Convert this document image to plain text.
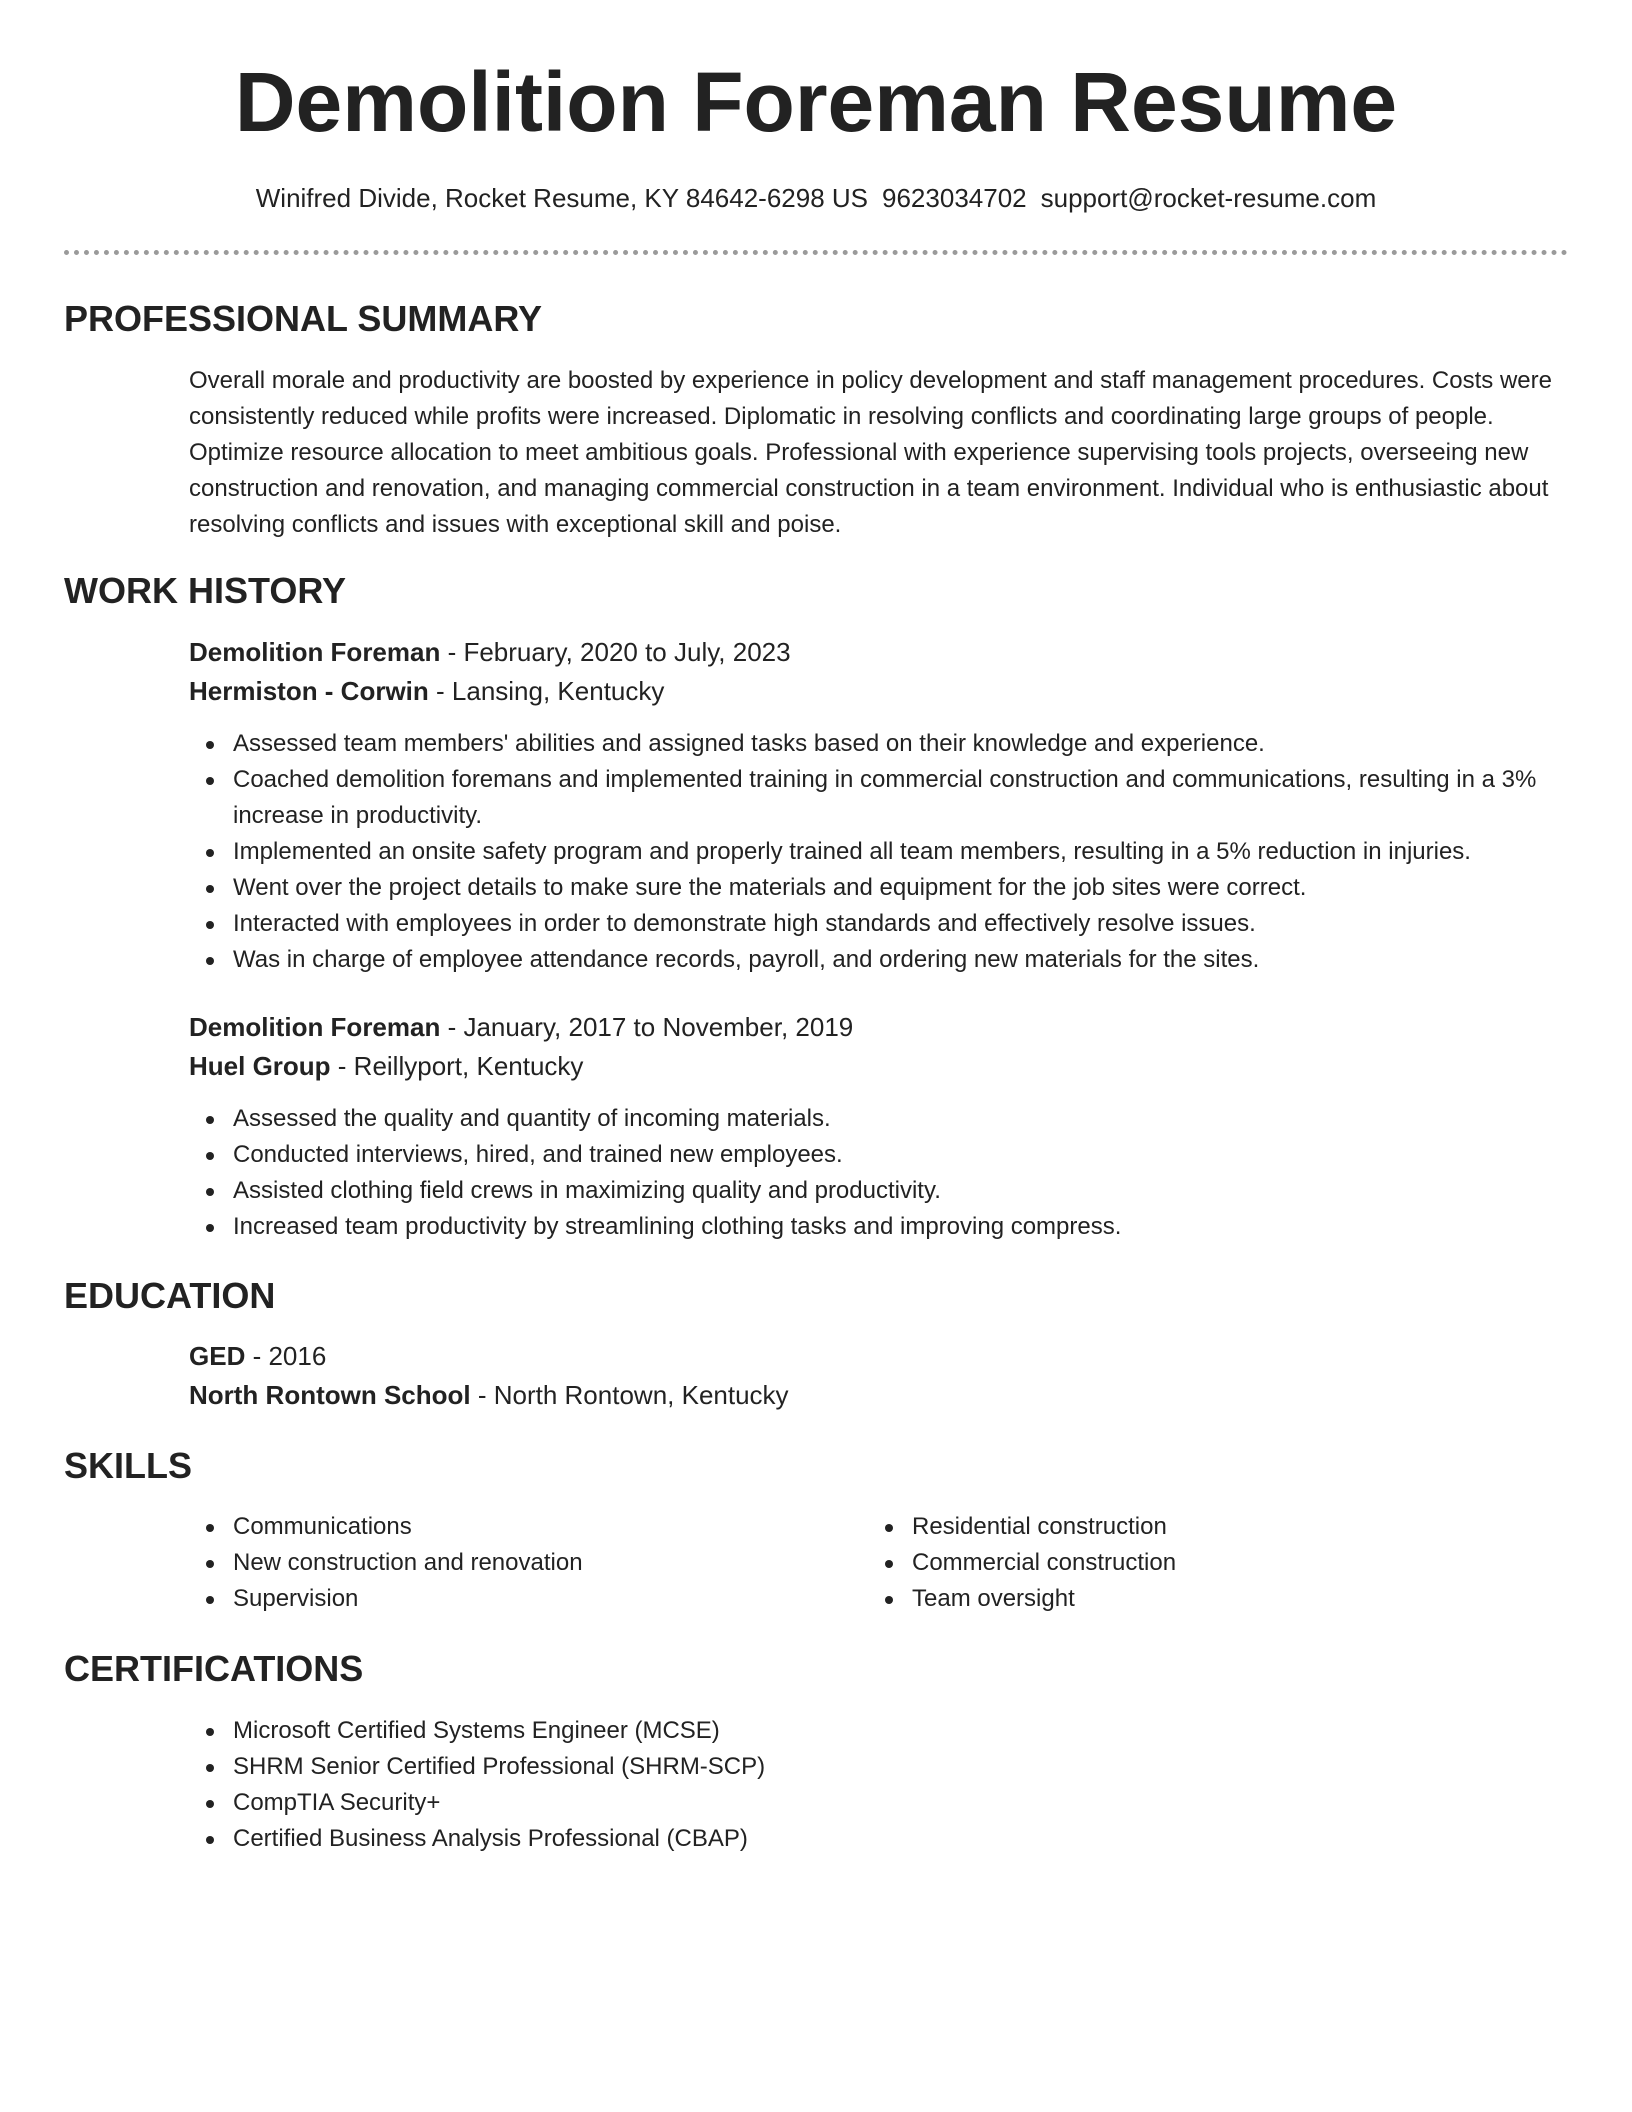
Demolition Foreman Resume
Winifred Divide, Rocket Resume, KY 84642-6298 US 9623034702 support@rocket-resume.com
PROFESSIONAL SUMMARY

Overall morale and productivity are boosted by experience in policy development and staff management procedures. Costs were consistently reduced while profits were increased. Diplomatic in resolving conflicts and coordinating large groups of people. Optimize resource allocation to meet ambitious goals. Professional with experience supervising tools projects, overseeing new construction and renovation, and managing commercial construction in a team environment. Individual who is enthusiastic about resolving conflicts and issues with exceptional skill and poise.

WORK HISTORY

Demolition Foreman - February, 2020 to July, 2023

Hermiston - Corwin - Lansing, Kentucky

Assessed team members' abilities and assigned tasks based on their knowledge and experience.
Coached demolition foremans and implemented training in commercial construction and communications, resulting in a 3% increase in productivity.
Implemented an onsite safety program and properly trained all team members, resulting in a 5% reduction in injuries.
Went over the project details to make sure the materials and equipment for the job sites were correct.
Interacted with employees in order to demonstrate high standards and effectively resolve issues.
Was in charge of employee attendance records, payroll, and ordering new materials for the sites.

Demolition Foreman - January, 2017 to November, 2019

Huel Group - Reillyport, Kentucky

Assessed the quality and quantity of incoming materials.
Conducted interviews, hired, and trained new employees.
Assisted clothing field crews in maximizing quality and productivity.
Increased team productivity by streamlining clothing tasks and improving compress.
EDUCATION

GED - 2016

North Rontown School - North Rontown, Kentucky

SKILLS
Communications
New construction and renovation
Supervision
Residential construction
Commercial construction
Team oversight
CERTIFICATIONS
Microsoft Certified Systems Engineer (MCSE)
SHRM Senior Certified Professional (SHRM-SCP)
CompTIA Security+
Certified Business Analysis Professional (CBAP)
